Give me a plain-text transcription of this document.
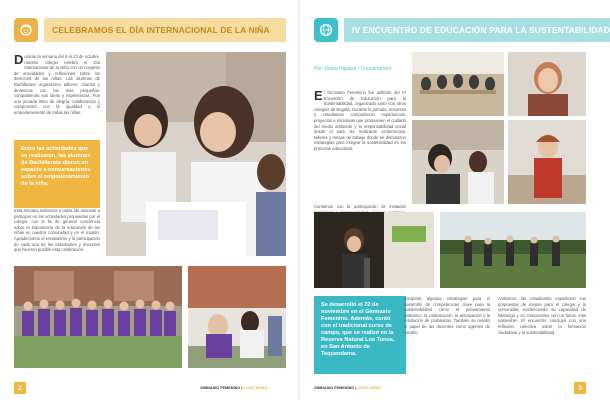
CELEBRAMOS EL DÍA INTERNACIONAL DE LA NIÑA
Durante la semana del 9 al 13 de octubre, nuestro colegio celebró el Día Internacional de la Niña con un conjunto de actividades y reflexiones sobre los derechos de las niñas. Las alumnas de Bachillerato organizaron talleres, charlas y dinámicas con las más pequeñas, compartiendo sus ideas y experiencias. Fue una jornada llena de alegría, colaboración y compromiso con la igualdad y el empoderamiento de todas las niñas.
Entre las actividades que se realizaron, las alumnas de Bachillerato dieron un espacio a conversaciones sobre el empoderamiento de la niña.
Esta semana invitamos a todas las alumnas a participar en las actividades propuestas por el colegio, con el fin de generar conciencia sobre la importancia de la educación de las niñas en nuestra comunidad y en el mundo. Agradecemos el entusiasmo y la participación de cada una de las estudiantes y docentes que hicieron posible esta celebración.
2	GIMNASIO FEMENINO | LOGO NEWS
IV ENCUENTRO DE EDUCACIÓN PARA LA SUSTENTABILIDAD
Por: Diana Higuera / Coordinadora
El Gimnasio Femenino fue anfitrión del IV Encuentro de Educación para la Sustentabilidad, organizado junto con otros colegios de Bogotá. Durante la jornada, docentes y estudiantes compartieron experiencias, proyectos e iniciativas que promueven el cuidado del medio ambiente y la responsabilidad social desde el aula. Se realizaron conferencias, talleres y mesas de trabajo donde se discutieron estrategias para integrar la sostenibilidad en los procesos educativos.
Contamos con la participación de invitados
Se desarrolló el 22 de noviembre en el Gimnasio Femenino. Además, contó con el tradicional curso de campo, que se realizó en la Reserva Natural Los Tunos, en San Antonio de Tequendama.
compartir algunas estrategias para el desarrollo de competencias clave para la sustentabilidad como el pensamiento sistémico, la colaboración, la anticipación y la resolución de problemas. También se resaltó el papel de las docentes como agentes de cambio.
Asimismo, las estudiantes expusieron sus propuestas de mejora para el colegio y la comunidad, evidenciando su capacidad de liderazgo y su compromiso con un futuro más sostenible. El encuentro concluyó con una reflexión colectiva sobre la formación ciudadana y la sustentabilidad.
GIMNASIO FEMENINO | LOGO NEWS	3
